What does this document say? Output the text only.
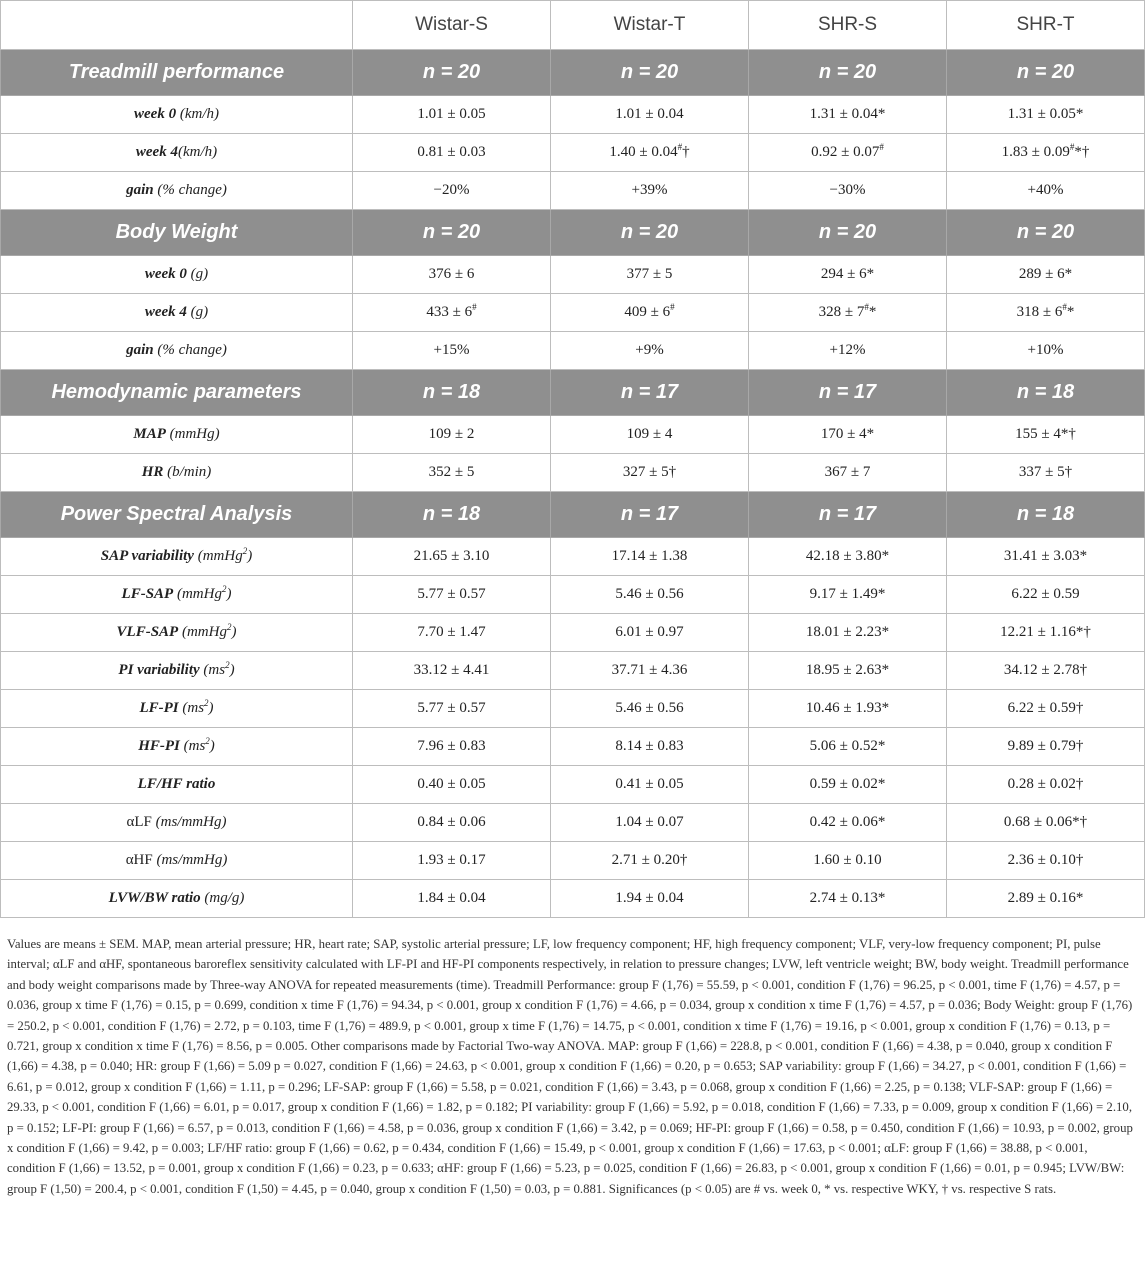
	Wistar-S	Wistar-T	SHR-S	SHR-T
Treadmill performance	n = 20	n = 20	n = 20	n = 20
week 0 (km/h)	1.01 ± 0.05	1.01 ± 0.04	1.31 ± 0.04*	1.31 ± 0.05*
week 4(km/h)	0.81 ± 0.03	1.40 ± 0.04#†	0.92 ± 0.07#	1.83 ± 0.09#*†
gain (% change)	−20%	+39%	−30%	+40%
Body Weight	n = 20	n = 20	n = 20	n = 20
week 0 (g)	376 ± 6	377 ± 5	294 ± 6*	289 ± 6*
week 4 (g)	433 ± 6#	409 ± 6#	328 ± 7#*	318 ± 6#*
gain (% change)	+15%	+9%	+12%	+10%
Hemodynamic parameters	n = 18	n = 17	n = 17	n = 18
MAP (mmHg)	109 ± 2	109 ± 4	170 ± 4*	155 ± 4*†
HR (b/min)	352 ± 5	327 ± 5†	367 ± 7	337 ± 5†
Power Spectral Analysis	n = 18	n = 17	n = 17	n = 18
SAP variability (mmHg$^2$)	21.65 ± 3.10	17.14 ± 1.38	42.18 ± 3.80*	31.41 ± 3.03*
LF-SAP (mmHg$^2$)	5.77 ± 0.57	5.46 ± 0.56	9.17 ± 1.49*	6.22 ± 0.59
VLF-SAP (mmHg$^2$)	7.70 ± 1.47	6.01 ± 0.97	18.01 ± 2.23*	12.21 ± 1.16*†
PI variability $(ms^2)$	33.12 ± 4.41	37.71 ± 4.36	18.95 ± 2.63*	34.12 ± 2.78†
LF-PI $(ms^2)$	5.77 ± 0.57	5.46 ± 0.56	10.46 ± 1.93*	6.22 ± 0.59†
HF-PI $(ms^2)$	7.96 ± 0.83	8.14 ± 0.83	5.06 ± 0.52*	9.89 ± 0.79†
LF/HF ratio	0.40 ± 0.05	0.41 ± 0.05	0.59 ± 0.02*	0.28 ± 0.02†
αLF (ms/mmHg)	0.84 ± 0.06	1.04 ± 0.07	0.42 ± 0.06*	0.68 ± 0.06*†
αHF (ms/mmHg)	1.93 ± 0.17	2.71 ± 0.20†	1.60 ± 0.10	2.36 ± 0.10†
LVW/BW ratio (mg/g)	1.84 ± 0.04	1.94 ± 0.04	2.74 ± 0.13*	2.89 ± 0.16*
Values are means ± SEM. MAP, mean arterial pressure; HR, heart rate; SAP, systolic arterial pressure; LF, low frequency component; HF, high frequency component; VLF, very-low frequency component; PI, pulse interval; αLF and αHF, spontaneous baroreflex sensitivity calculated with LF-PI and HF-PI components respectively, in relation to pressure changes; LVW, left ventricle weight; BW, body weight. Treadmill performance and body weight comparisons made by Three-way ANOVA for repeated measurements (time). Treadmill Performance: group F (1,76) = 55.59, p < 0.001, condition F (1,76) = 96.25, p < 0.001, time F (1,76) = 4.57, p = 0.036, group x time F (1,76) = 0.15, p = 0.699, condition x time F (1,76) = 94.34, p < 0.001, group x condition F (1,76) = 4.66, p = 0.034, group x condition x time F (1,76) = 4.57, p = 0.036; Body Weight: group F (1,76) = 250.2, p < 0.001, condition F (1,76) = 2.72, p = 0.103, time F (1,76) = 489.9, p < 0.001, group x time F (1,76) = 14.75, p < 0.001, condition x time F (1,76) = 19.16, p < 0.001, group x condition F (1,76) = 0.13, p = 0.721, group x condition x time F (1,76) = 8.56, p = 0.005. Other comparisons made by Factorial Two-way ANOVA. MAP: group F (1,66) = 228.8, p < 0.001, condition F (1,66) = 4.38, p = 0.040, group x condition F (1,66) = 4.38, p = 0.040; HR: group F (1,66) = 5.09 p = 0.027, condition F (1,66) = 24.63, p < 0.001, group x condition F (1,66) = 0.20, p = 0.653; SAP variability: group F (1,66) = 34.27, p < 0.001, condition F (1,66) = 6.61, p = 0.012, group x condition F (1,66) = 1.11, p = 0.296; LF-SAP: group F (1,66) = 5.58, p = 0.021, condition F (1,66) = 3.43, p = 0.068, group x condition F (1,66) = 2.25, p = 0.138; VLF-SAP: group F (1,66) = 29.33, p < 0.001, condition F (1,66) = 6.01, p = 0.017, group x condition F (1,66) = 1.82, p = 0.182; PI variability: group F (1,66) = 5.92, p = 0.018, condition F (1,66) = 7.33, p = 0.009, group x condition F (1,66) = 2.10, p = 0.152; LF-PI: group F (1,66) = 6.57, p = 0.013, condition F (1,66) = 4.58, p = 0.036, group x condition F (1,66) = 3.42, p = 0.069; HF-PI: group F (1,66) = 0.58, p = 0.450, condition F (1,66) = 10.93, p = 0.002, group x condition F (1,66) = 9.42, p = 0.003; LF/HF ratio: group F (1,66) = 0.62, p = 0.434, condition F (1,66) = 15.49, p < 0.001, group x condition F (1,66) = 17.63, p < 0.001; αLF: group F (1,66) = 38.88, p < 0.001, condition F (1,66) = 13.52, p = 0.001, group x condition F (1,66) = 0.23, p = 0.633; αHF: group F (1,66) = 5.23, p = 0.025, condition F (1,66) = 26.83, p < 0.001, group x condition F (1,66) = 0.01, p = 0.945; LVW/BW: group F (1,50) = 200.4, p < 0.001, condition F (1,50) = 4.45, p = 0.040, group x condition F (1,50) = 0.03, p = 0.881. Significances (p < 0.05) are # vs. week 0, * vs. respective WKY, † vs. respective S rats.
